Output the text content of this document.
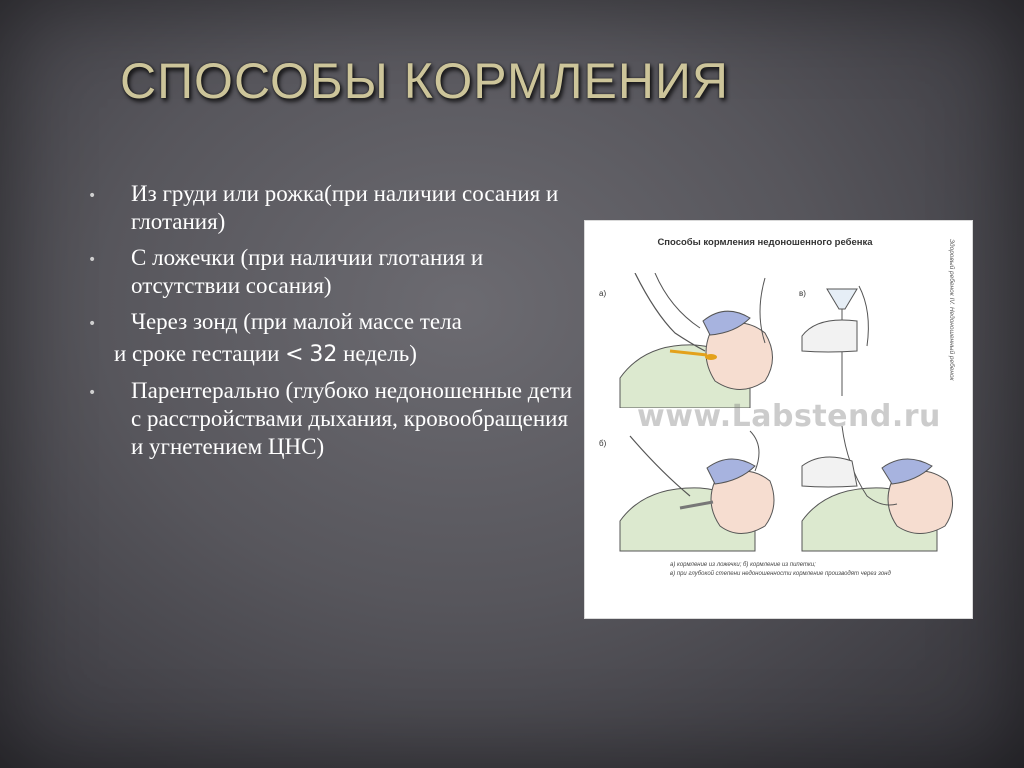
СПОСОБЫ КОРМЛЕНИЯ
• Из груди или рожка(при наличии сосания и глотания)
• С ложечки (при наличии глотания и отсутствии сосания)
• Через зонд (при малой массе тела
и сроке гестации < 32 недель)
• Парентерально (глубоко недоношенные дети с расстройствами дыхания, кровообращения и угнетением ЦНС)
Способы кормления недоношенного ребенка	Здоровый ребенок IV. Недоношенный ребенок
а)	в)
б)
www.Labstend.ru
а) кормление из ложечки; б) кормление из пипетки;
в) при глубокой степени недоношенности кормление производят через зонд
